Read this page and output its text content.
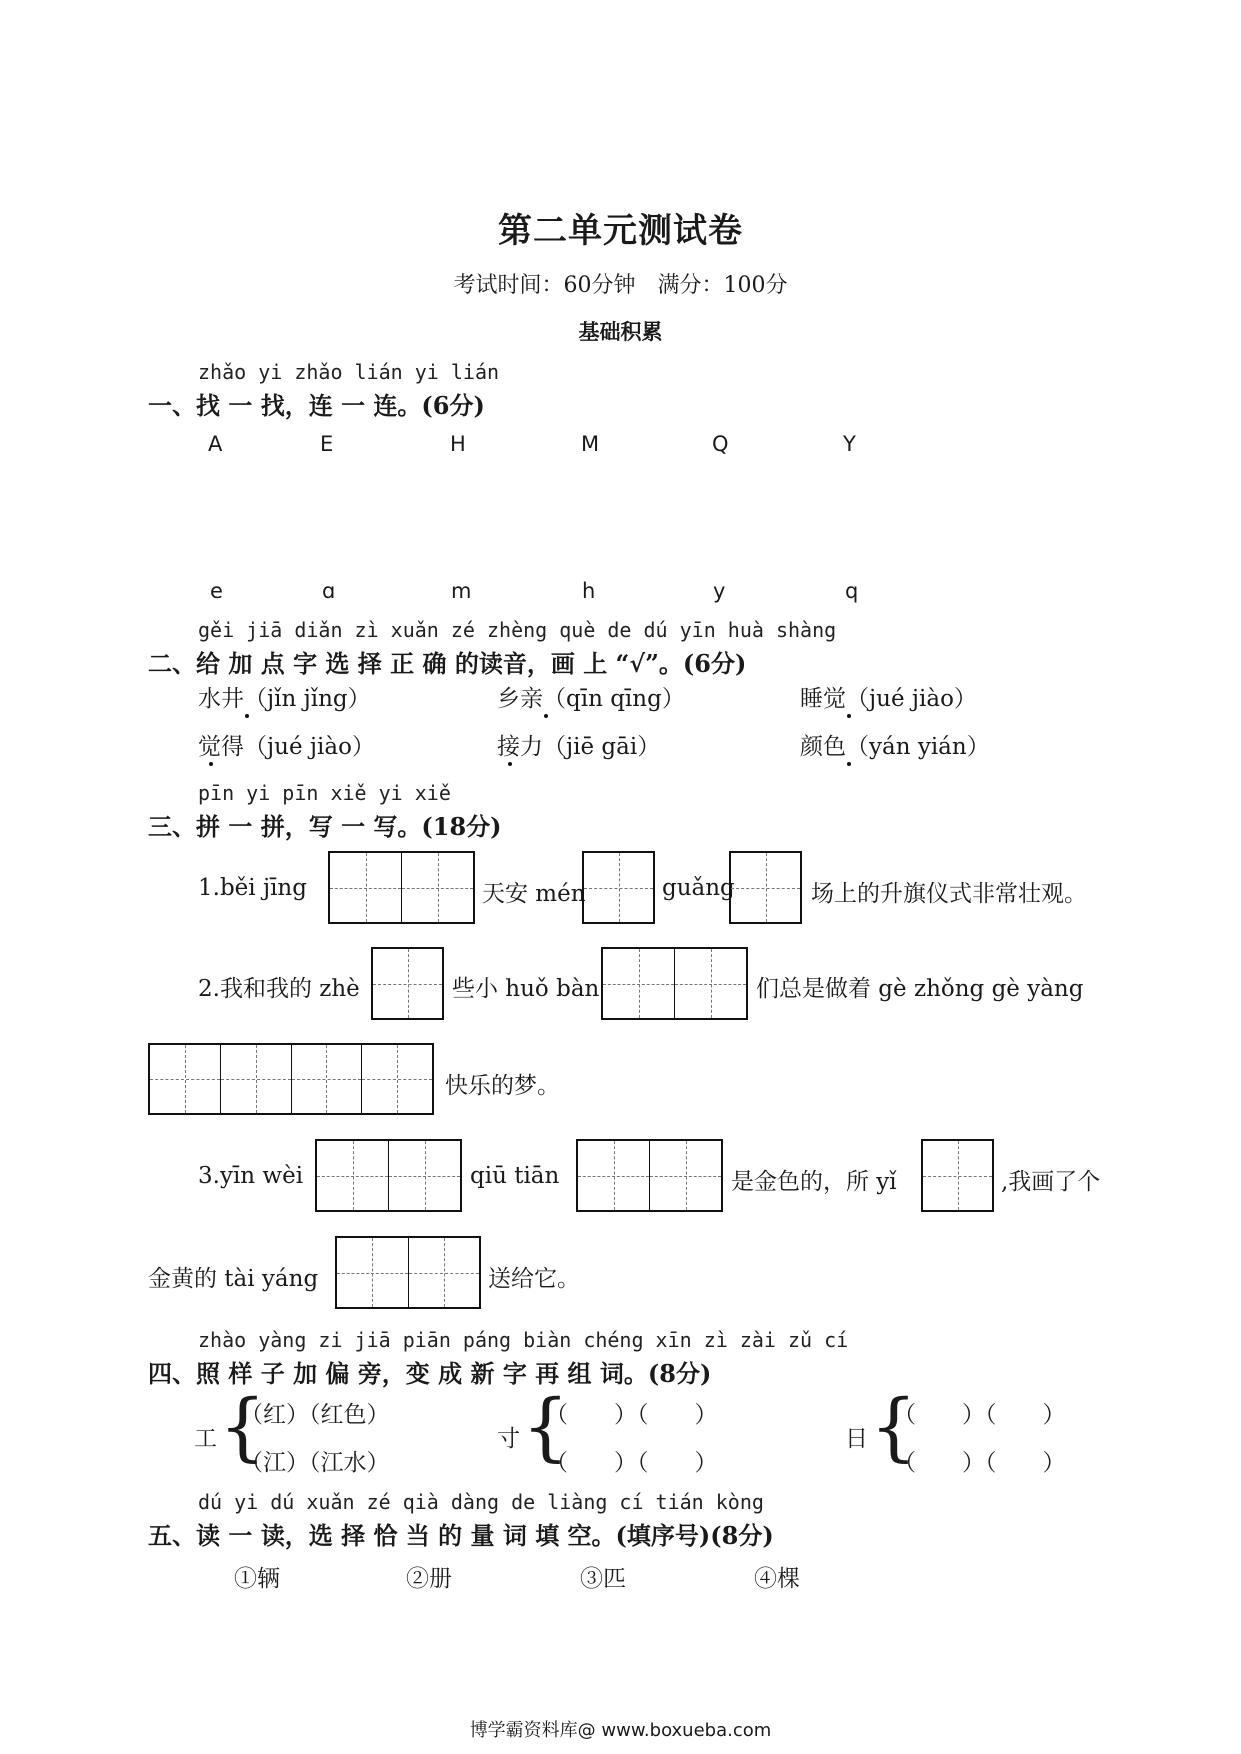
第二单元测试卷
考试时间：60分钟　满分：100分
基础积累
zhǎo yi zhǎo lián yi lián
一、找 一 找，连 一 连。(6分)
A	E	H	M	Q	Y
e	ɑ	m	h	y	q
gěi jiā diǎn zì xuǎn zé zhèng què de dú yīn huà shàng
二、给 加 点 字 选 择 正 确 的读音，画 上 “√”。(6分)
水井（jǐn jǐng）	乡亲（qīn qīng）	睡觉（jué jiào）
觉得（jué jiào）	接力（jiē gāi）	颜色（yán yián）
pīn yi pīn xiě yi xiě
三、拼 一 拼，写 一 写。(18分)
1.běi jīng	天安 mén	guǎng	场上的升旗仪式非常壮观。
2.我和我的 zhè	些小 huǒ bàn	们总是做着 gè zhǒng gè yàng
快乐的梦。
3.yīn wèi	qiū tiān	是金色的，所 yǐ	,我画了个
金黄的 tài yáng	送给它。
zhào yàng zi jiā piān páng biàn chéng xīn zì zài zǔ cí
四、照 样 子 加 偏 旁，变 成 新 字 再 组 词。(8分)
工 {
（红）（红色）
（江）（江水）
寸 {
（　　）（　　）
（　　）（　　）
日 {
（　　）（　　）
（　　）（　　）
dú yi dú xuǎn zé qià dàng de liàng cí tián kòng
五、读 一 读，选 择 恰 当 的 量 词 填 空。(填序号)(8分)
①辆	②册	③匹	④棵
博学霸资料库@ www.boxueba.com
